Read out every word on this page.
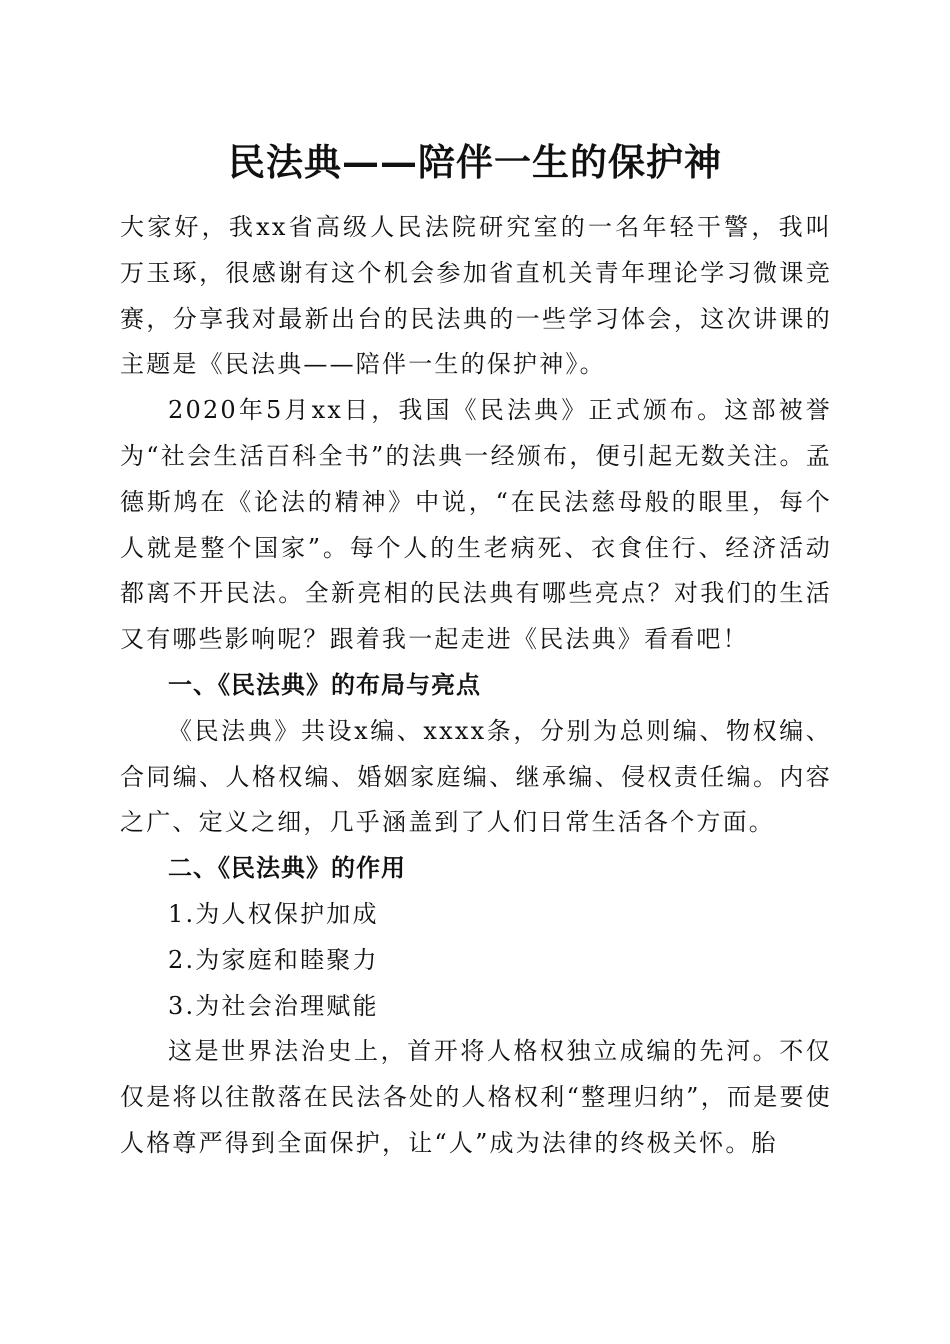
民法典——陪伴一生的保护神

大家好，我xx省高级人民法院研究室的一名年轻干警，我叫万玉琢，很感谢有这个机会参加省直机关青年理论学习微课竞赛，分享我对最新出台的民法典的一些学习体会，这次讲课的主题是《民法典——陪伴一生的保护神》。

2020年5月xx日，我国《民法典》正式颁布。这部被誉为“社会生活百科全书”的法典一经颁布，便引起无数关注。孟德斯鸠在《论法的精神》中说，“在民法慈母般的眼里，每个人就是整个国家”。每个人的生老病死、衣食住行、经济活动都离不开民法。全新亮相的民法典有哪些亮点？对我们的生活又有哪些影响呢？跟着我一起走进《民法典》看看吧！

一、《民法典》的布局与亮点

《民法典》共设x编、xxxx条，分别为总则编、物权编、合同编、人格权编、婚姻家庭编、继承编、侵权责任编。内容之广、定义之细，几乎涵盖到了人们日常生活各个方面。

二、《民法典》的作用

1.为人权保护加成

2.为家庭和睦聚力

3.为社会治理赋能

这是世界法治史上，首开将人格权独立成编的先河。不仅仅是将以往散落在民法各处的人格权利“整理归纳”，而是要使人格尊严得到全面保护，让“人”成为法律的终极关怀。胎
